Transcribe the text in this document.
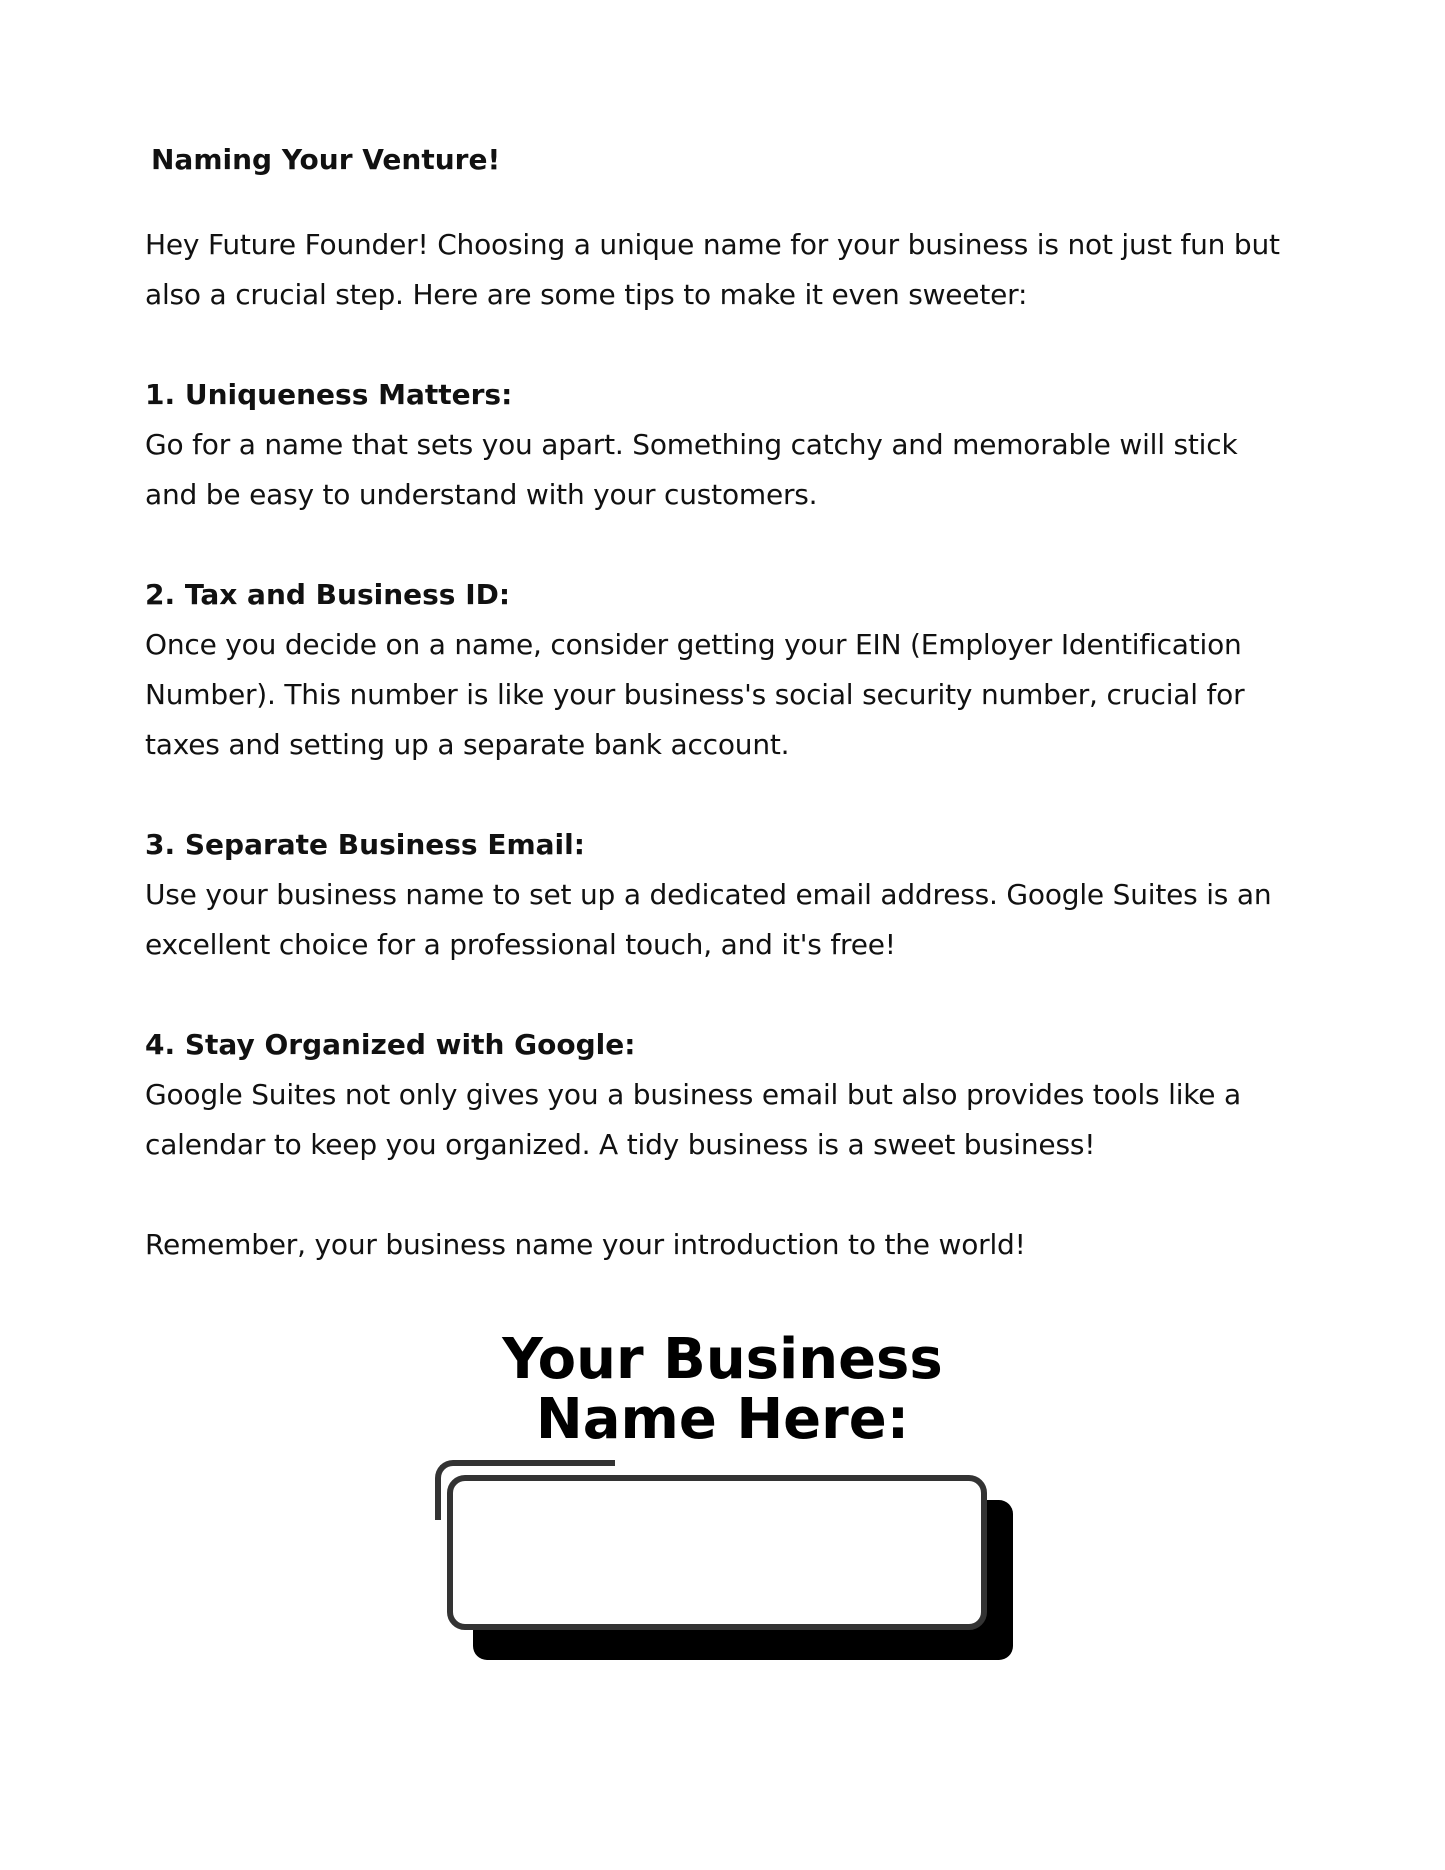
Naming Your Venture!

Hey Future Founder! Choosing a unique name for your business is not just fun but

also a crucial step. Here are some tips to make it even sweeter:

1. Uniqueness Matters:

Go for a name that sets you apart. Something catchy and memorable will stick

and be easy to understand with your customers.

2. Tax and Business ID:

Once you decide on a name, consider getting your EIN (Employer Identification

Number). This number is like your business's social security number, crucial for

taxes and setting up a separate bank account.

3. Separate Business Email:

Use your business name to set up a dedicated email address. Google Suites is an

excellent choice for a professional touch, and it's free!

4. Stay Organized with Google:

Google Suites not only gives you a business email but also provides tools like a

calendar to keep you organized. A tidy business is a sweet business!

Remember, your business name your introduction to the world!

Your Business
Name Here:
